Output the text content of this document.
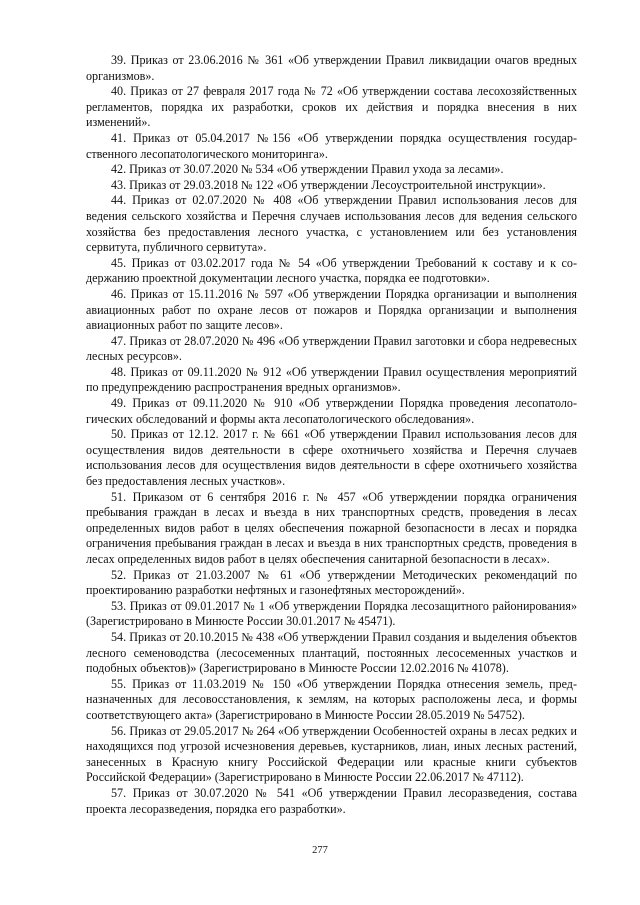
39. Приказ от 23.06.2016 № 361 «Об утверждении Правил ликвидации очагов вредных организмов».

40. Приказ от 27 февраля 2017 года № 72 «Об утверждении состава лесохозяйственных регламентов, порядка их разработки, сроков их действия и порядка внесения в них изменений».

41. Приказ от 05.04.2017 №156 «Об утверждении порядка осуществления государственного лесопатологического мониторинга».

42. Приказ от 30.07.2020 № 534 «Об утверждении Правил ухода за лесами».

43. Приказ от 29.03.2018 № 122 «Об утверждении Лесоустроительной инструкции».

44. Приказ от 02.07.2020 № 408 «Об утверждении Правил использования лесов для ведения сельского хозяйства и Перечня случаев использования лесов для ведения сельского хозяйства без предоставления лесного участка, с установлением или без установления сервитута, публичного сервитута».

45. Приказ от 03.02.2017 года № 54 «Об утверждении Требований к составу и к содержанию проектной документации лесного участка, порядка ее подготовки».

46. Приказ от 15.11.2016 № 597 «Об утверждении Порядка организации и выполнения авиационных работ по охране лесов от пожаров и Порядка организации и выполнения авиационных работ по защите лесов».

47. Приказ от 28.07.2020 № 496 «Об утверждении Правил заготовки и сбора недревесных лесных ресурсов».

48. Приказ от 09.11.2020 № 912 «Об утверждении Правил осуществления мероприятий по предупреждению распространения вредных организмов».

49. Приказ от 09.11.2020 № 910 «Об утверждении Порядка проведения лесопатологических обследований и формы акта лесопатологического обследования».

50. Приказ от 12.12. 2017 г. № 661 «Об утверждении Правил использования лесов для осуществления видов деятельности в сфере охотничьего хозяйства и Перечня случаев использования лесов для осуществления видов деятельности в сфере охотничьего хозяйства без предоставления лесных участков».

51. Приказом от 6 сентября 2016 г. № 457 «Об утверждении порядка ограничения пребывания граждан в лесах и въезда в них транспортных средств, проведения в лесах определенных видов работ в целях обеспечения пожарной безопасности в лесах и порядка ограничения пребывания граждан в лесах и въезда в них транспортных средств, проведения в лесах определенных видов работ в целях обеспечения санитарной безопасности в лесах».

52. Приказ от 21.03.2007 № 61 «Об утверждении Методических рекомендаций по проектированию разработки нефтяных и газонефтяных месторождений».

53. Приказ от 09.01.2017 № 1 «Об утверждении Порядка лесозащитного районирования» (Зарегистрировано в Минюсте России 30.01.2017 № 45471).

54. Приказ от 20.10.2015 № 438 «Об утверждении Правил создания и выделения объектов лесного семеноводства (лесосеменных плантаций, постоянных лесосеменных участков и подобных объектов)» (Зарегистрировано в Минюсте России 12.02.2016 № 41078).

55. Приказ от 11.03.2019 № 150 «Об утверждении Порядка отнесения земель, предназначенных для лесовосстановления, к землям, на которых расположены леса, и формы соответствующего акта» (Зарегистрировано в Минюсте России 28.05.2019 № 54752).

56. Приказ от 29.05.2017 № 264 «Об утверждении Особенностей охраны в лесах редких и находящихся под угрозой исчезновения деревьев, кустарников, лиан, иных лесных растений, занесенных в Красную книгу Российской Федерации или красные книги субъектов Российской Федерации» (Зарегистрировано в Минюсте России 22.06.2017 № 47112).

57. Приказ от 30.07.2020 № 541 «Об утверждении Правил лесоразведения, состава проекта лесоразведения, порядка его разработки».

277
